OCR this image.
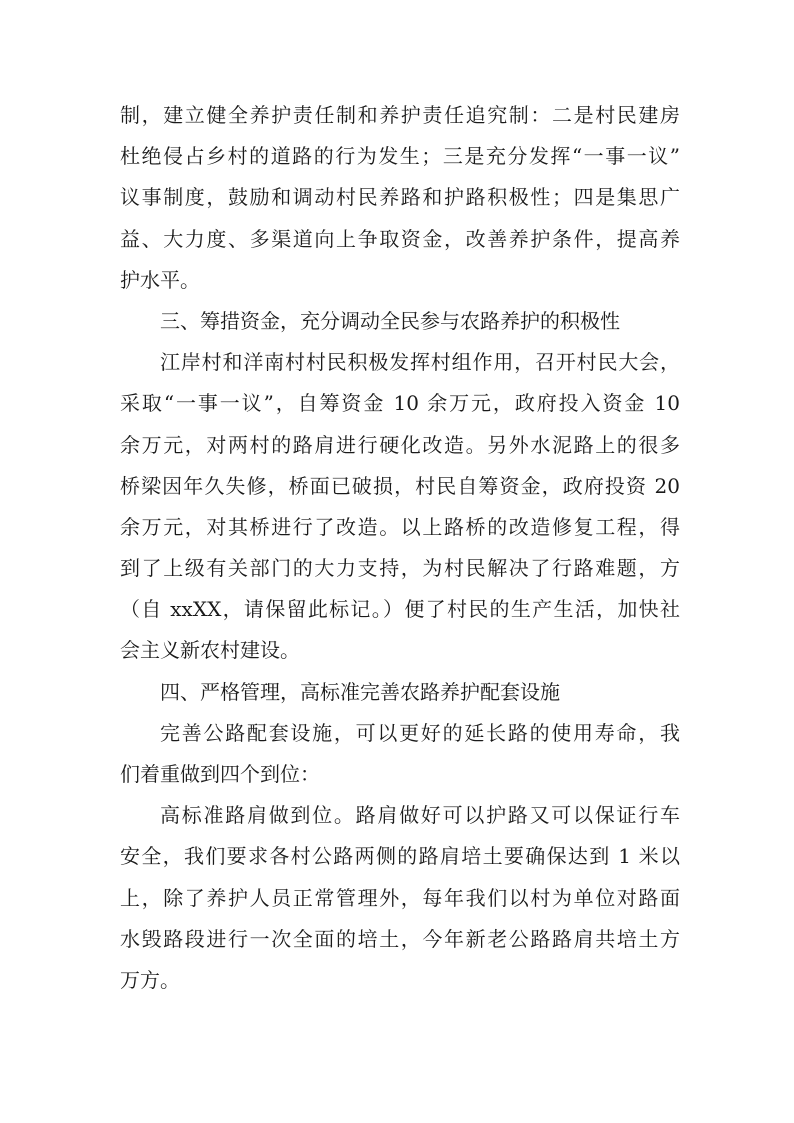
制，建立健全养护责任制和养护责任追究制：二是村民建房
杜绝侵占乡村的道路的行为发生；三是充分发挥“一事一议”
议事制度，鼓励和调动村民养路和护路积极性；四是集思广
益、大力度、多渠道向上争取资金，改善养护条件，提高养
护水平。
三、筹措资金，充分调动全民参与农路养护的积极性
江岸村和洋南村村民积极发挥村组作用，召开村民大会，
采取“一事一议”，自筹资金 10 余万元，政府投入资金 10
余万元，对两村的路肩进行硬化改造。另外水泥路上的很多
桥梁因年久失修，桥面已破损，村民自筹资金，政府投资 20
余万元，对其桥进行了改造。以上路桥的改造修复工程，得
到了上级有关部门的大力支持，为村民解决了行路难题，方
（自 xxXX，请保留此标记。）便了村民的生产生活，加快社
会主义新农村建设。
四、严格管理，高标准完善农路养护配套设施
完善公路配套设施，可以更好的延长路的使用寿命，我
们着重做到四个到位：
高标准路肩做到位。路肩做好可以护路又可以保证行车
安全，我们要求各村公路两侧的路肩培土要确保达到 1 米以
上，除了养护人员正常管理外，每年我们以村为单位对路面
水毁路段进行一次全面的培土，今年新老公路路肩共培土方
万方。
